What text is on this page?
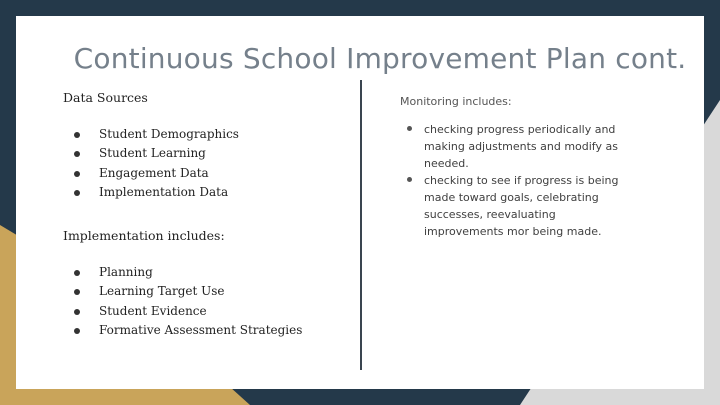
Continuous School Improvement Plan cont.

Data Sources

Student Demographics
Student Learning
Engagement Data
Implementation Data

Implementation includes:

Planning
Learning Target Use
Student Evidence
Formative Assessment Strategies

Monitoring includes:

checking progress periodically and making adjustments and modify as needed.
checking to see if progress is being made toward goals, celebrating successes, reevaluating improvements mor being made.
